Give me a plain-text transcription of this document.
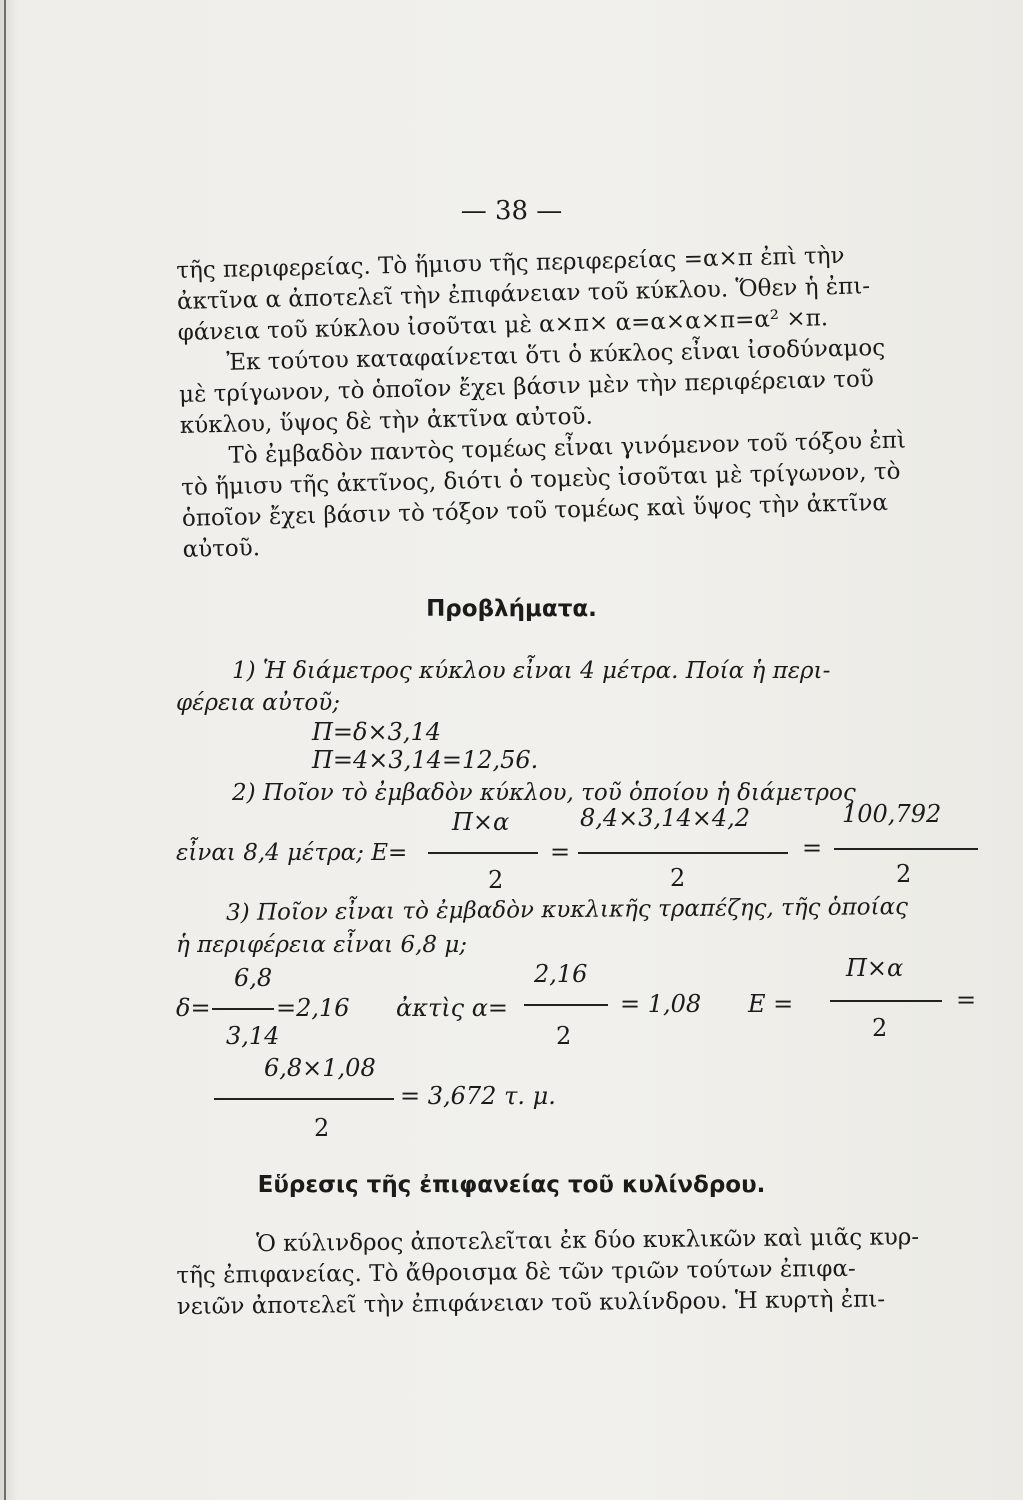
— 38 —
τῆς περιφερείας. Τὸ ἥμισυ τῆς περιφερείας =α×π ἐπὶ τὴν
ἀκτῖνα α ἀποτελεῖ τὴν ἐπιφάνειαν τοῦ κύκλου. Ὅθεν ἡ ἐπι-
φάνεια τοῦ κύκλου ἰσοῦται μὲ α×π× α=α×α×π=α² ×π.
Ἐκ τούτου καταφαίνεται ὅτι ὁ κύκλος εἶναι ἰσοδύναμος
μὲ τρίγωνον, τὸ ὁποῖον ἔχει βάσιν μὲν τὴν περιφέρειαν τοῦ
κύκλου, ὕψος δὲ τὴν ἀκτῖνα αὐτοῦ.
Τὸ ἐμβαδὸν παντὸς τομέως εἶναι γινόμενον τοῦ τόξου ἐπὶ
τὸ ἥμισυ τῆς ἀκτῖνος, διότι ὁ τομεὺς ἰσοῦται μὲ τρίγωνον, τὸ
ὁποῖον ἔχει βάσιν τὸ τόξον τοῦ τομέως καὶ ὕψος τὴν ἀκτῖνα
αὐτοῦ.
Προβλήματα.
1) Ἡ διάμετρος κύκλου εἶναι 4 μέτρα. Ποία ἡ περι-
φέρεια αὐτοῦ;
Π=δ×3,14
Π=4×3,14=12,56.
2) Ποῖον τὸ ἐμβαδὸν κύκλου, τοῦ ὁποίου ἡ διάμετρος
Π×α	8,4×3,14×4,2	100,792
εἶναι 8,4 μέτρα; Ε=	=	=
2	2	2
3) Ποῖον εἶναι τὸ ἐμβαδὸν κυκλικῆς τραπέζης, τῆς ὁποίας
ἡ περιφέρεια εἶναι 6,8 μ;
6,8
δ=	=2,16
3,14
ἀκτὶς α=
2,16
2
= 1,08 Ε =
Π×α
=
2
6,8×1,08
= 3,672 τ. μ.
2
Εὕρεσις τῆς ἐπιφανείας τοῦ κυλίνδρου.
Ὁ κύλινδρος ἀποτελεῖται ἐκ δύο κυκλικῶν καὶ μιᾶς κυρ-
τῆς ἐπιφανείας. Τὸ ἄθροισμα δὲ τῶν τριῶν τούτων ἐπιφα-
νειῶν ἀποτελεῖ τὴν ἐπιφάνειαν τοῦ κυλίνδρου. Ἡ κυρτὴ ἐπι-
